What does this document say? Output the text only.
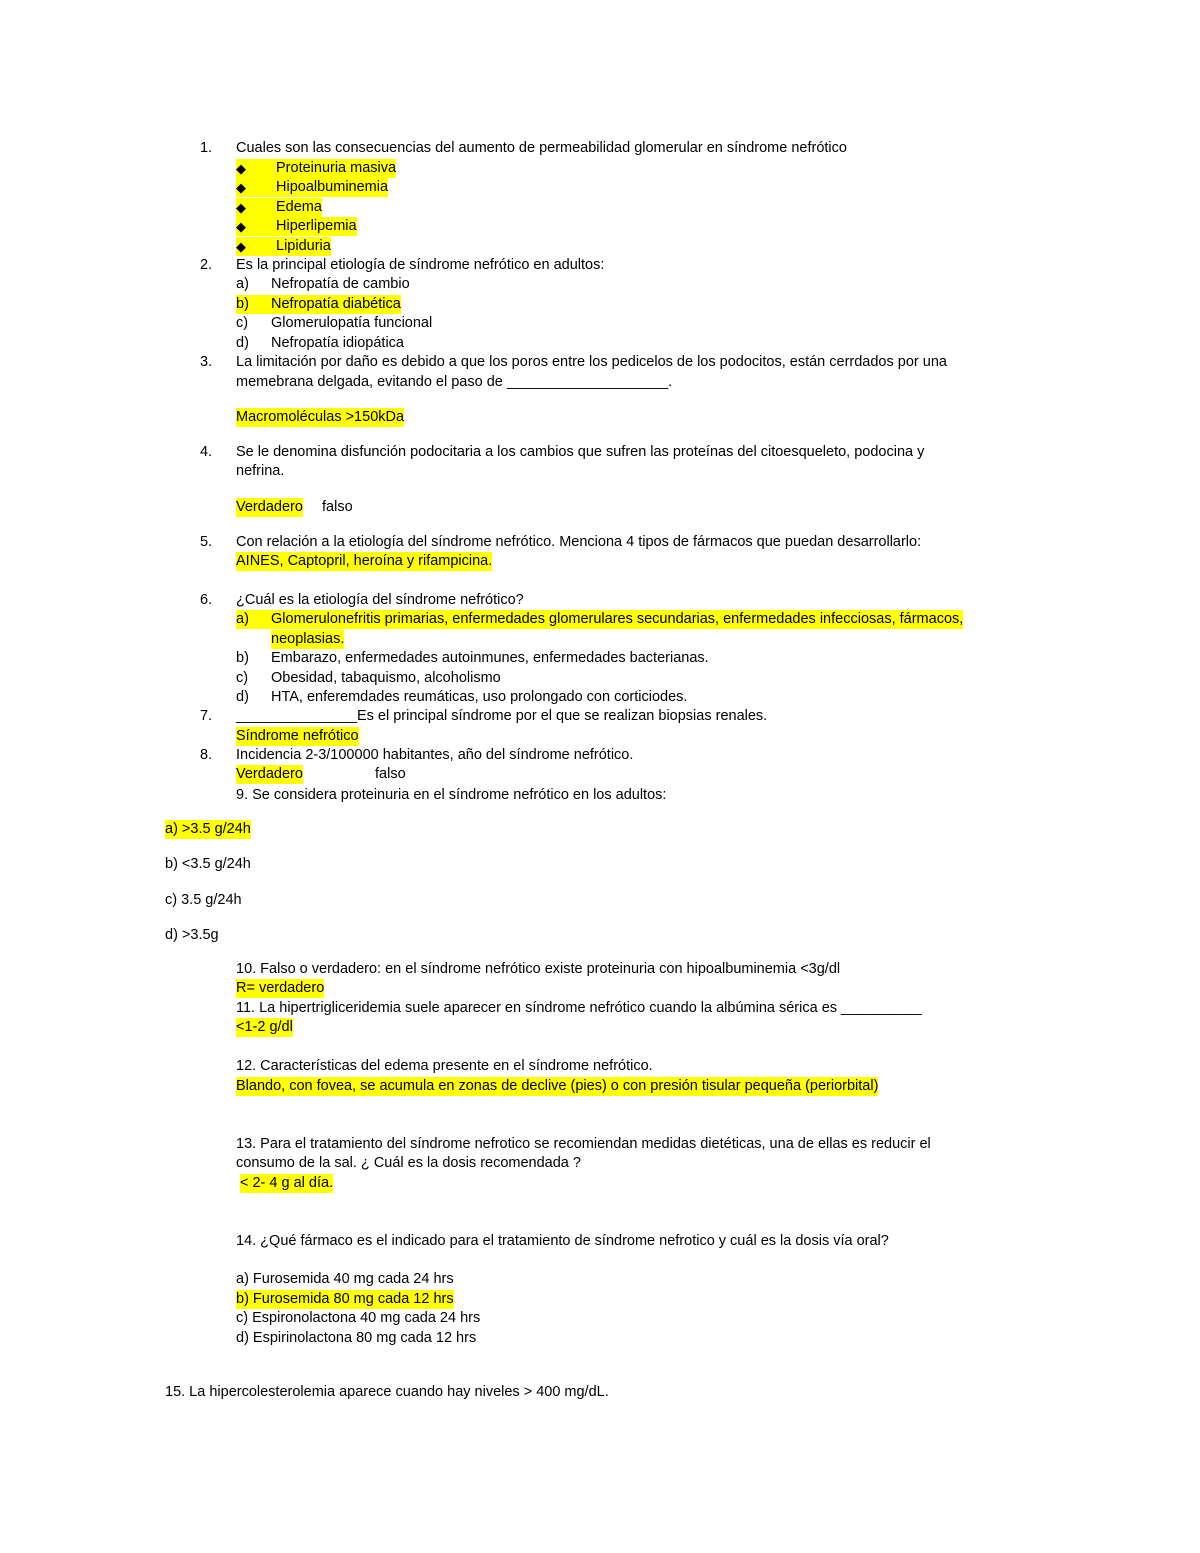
1. Cuales son las consecuencias del aumento de permeabilidad glomerular en síndrome nefrótico
◆	Proteinuria masiva
◆	Hipoalbuminemia
◆	Edema
◆	Hiperlipemia
◆	Lipiduria
2. Es la principal etiología de síndrome nefrótico en adultos:
a) Nefropatía de cambio
b)	Nefropatía diabética
c) Glomerulopatía funcional
d) Nefropatía idiopática
3. La limitación por daño es debido a que los poros entre los pedicelos de los podocitos, están cerrdados por una
memebrana delgada, evitando el paso de ____________________.
Macromoléculas >150kDa
4. Se le denomina disfunción podocitaria a los cambios que sufren las proteínas del citoesqueleto, podocina y
nefrina.
Verdadero falso
5. Con relación a la etiología del síndrome nefrótico. Menciona 4 tipos de fármacos que puedan desarrollarlo:
AINES, Captopril, heroína y rifampicina.
6. ¿Cuál es la etiología del síndrome nefrótico?
a)	Glomerulonefritis primarias, enfermedades glomerulares secundarias, enfermedades infecciosas, fármacos,
neoplasias.
b) Embarazo, enfermedades autoinmunes, enfermedades bacterianas.
c) Obesidad, tabaquismo, alcoholismo
d) HTA, enferemdades reumáticas, uso prolongado con corticiodes.
7. _______________Es el principal síndrome por el que se realizan biopsias renales.
Síndrome nefrótico
8. Incidencia 2-3/100000 habitantes, año del síndrome nefrótico.
Verdadero	falso
9. Se considera proteinuria en el síndrome nefrótico en los adultos:
a) >3.5 g/24h
b) <3.5 g/24h
c) 3.5 g/24h
d) >3.5g
10. Falso o verdadero: en el síndrome nefrótico existe proteinuria con hipoalbuminemia <3g/dl
R= verdadero
11. La hipertrigliceridemia suele aparecer en síndrome nefrótico cuando la albúmina sérica es __________
<1-2 g/dl
12. Características del edema presente en el síndrome nefrótico.
Blando, con fovea, se acumula en zonas de declive (pies) o con presión tisular pequeña (periorbital)
13. Para el tratamiento del síndrome nefrotico se recomiendan medidas dietéticas, una de ellas es reducir el
consumo de la sal. ¿ Cuál es la dosis recomendada ?
< 2- 4 g al día.
14. ¿Qué fármaco es el indicado para el tratamiento de síndrome nefrotico y cuál es la dosis vía oral?
a) Furosemida 40 mg cada 24 hrs
b) Furosemida 80 mg cada 12 hrs
c) Espironolactona 40 mg cada 24 hrs
d) Espirinolactona 80 mg cada 12 hrs
15. La hipercolesterolemia aparece cuando hay niveles > 400 mg/dL.
